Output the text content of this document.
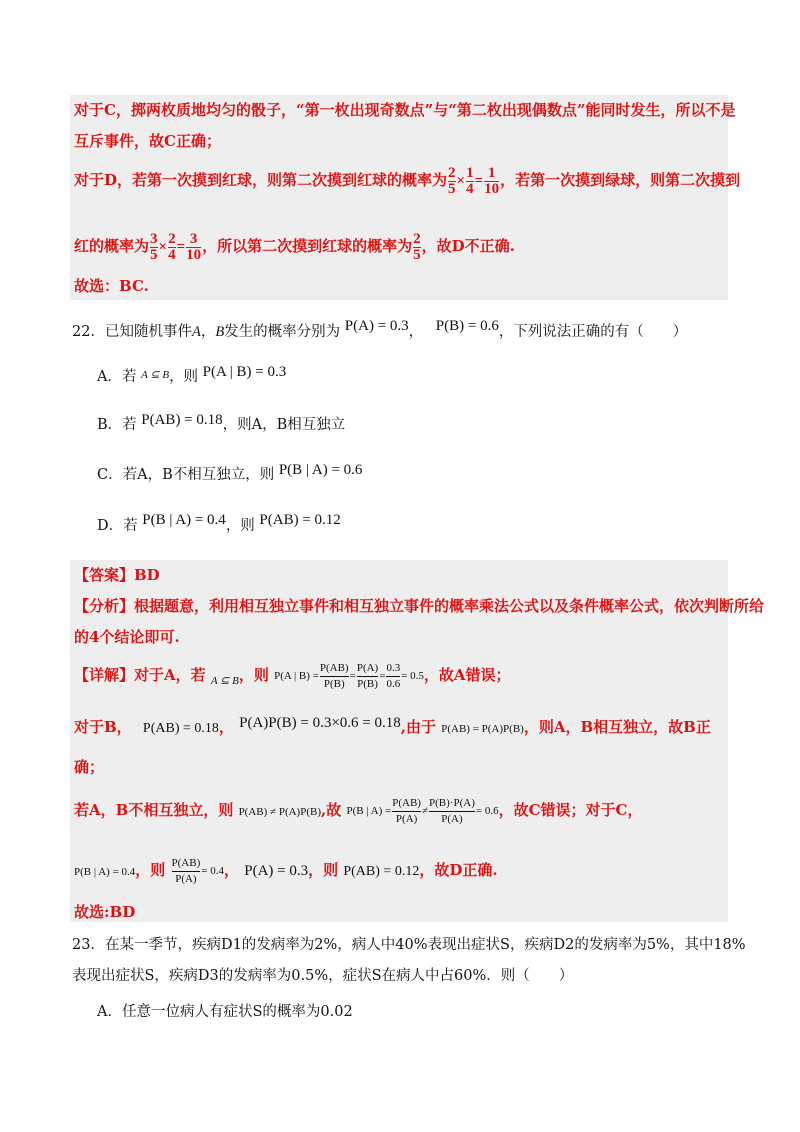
对于C，掷两枚质地均匀的骰子，“第一枚出现奇数点”与“第二枚出现偶数点”能同时发生，所以不是
互斥事件，故C正确；
对于D，若第一次摸到红球，则第二次摸到红球的概率为 $\frac{2}{5} \times \frac{1}{4} = \frac{1}{10}$ ，若第一次摸到绿球，则第二次摸到
红的概率为 $\frac{3}{5} \times \frac{2}{4} = \frac{3}{10}$ ，所以第二次摸到红球的概率为 $\frac{2}{5}$ ，故D不正确.
故选：BC.
22．已知随机事件A，B发生的概率分别为 P(A) = 0.3， P(B) = 0.6，下列说法正确的有（　　）
A．若 $^{A ⊆ B}$，则 P(A | B) = 0.3
B．若 P(AB) = 0.18，则A，B相互独立
C．若A，B不相互独立，则 P(B | A) = 0.6
D．若 P(B | A) = 0.4，则 P(AB) = 0.12
【答案】BD
【分析】根据题意，利用相互独立事件和相互独立事件的概率乘法公式以及条件概率公式，依次判断所给
的4个结论即可.
【详解】对于A，若 $_{A ⊆ B}$，则 P(A | $B) = \frac{P(AB)}{P(B)} = \frac{P(A)}{P(B)} = \frac{0.3}{0.6} = 0.5$，故A错误；
对于B， P(AB) = 0.18， P(A)P(B) = 0.3×0.6 = 0.18,由于 P(AB) = P(A)P(B)，则A，B相互独立，故B正
确；
若A，B不相互独立，则 P(AB) ≠ P(A)P(B),故 P(B | $A) = \frac{P(AB)}{P(A)} \ne \frac{P(B)\cdot P(A)}{P(A)} = 0.6$，故C错误；对于C，
P(B | A) = 0.4，则 $\frac{P(AB)}{P(A)} = 0.4$， P(A) = 0.3，则 P(AB) = 0.12，故D正确.
故选:BD
23．在某一季节，疾病D1的发病率为2%，病人中40%表现出症状S，疾病D2的发病率为5%，其中18%
表现出症状S，疾病D3的发病率为0.5%，症状S在病人中占60%．则（　　）
A．任意一位病人有症状S的概率为0.02
